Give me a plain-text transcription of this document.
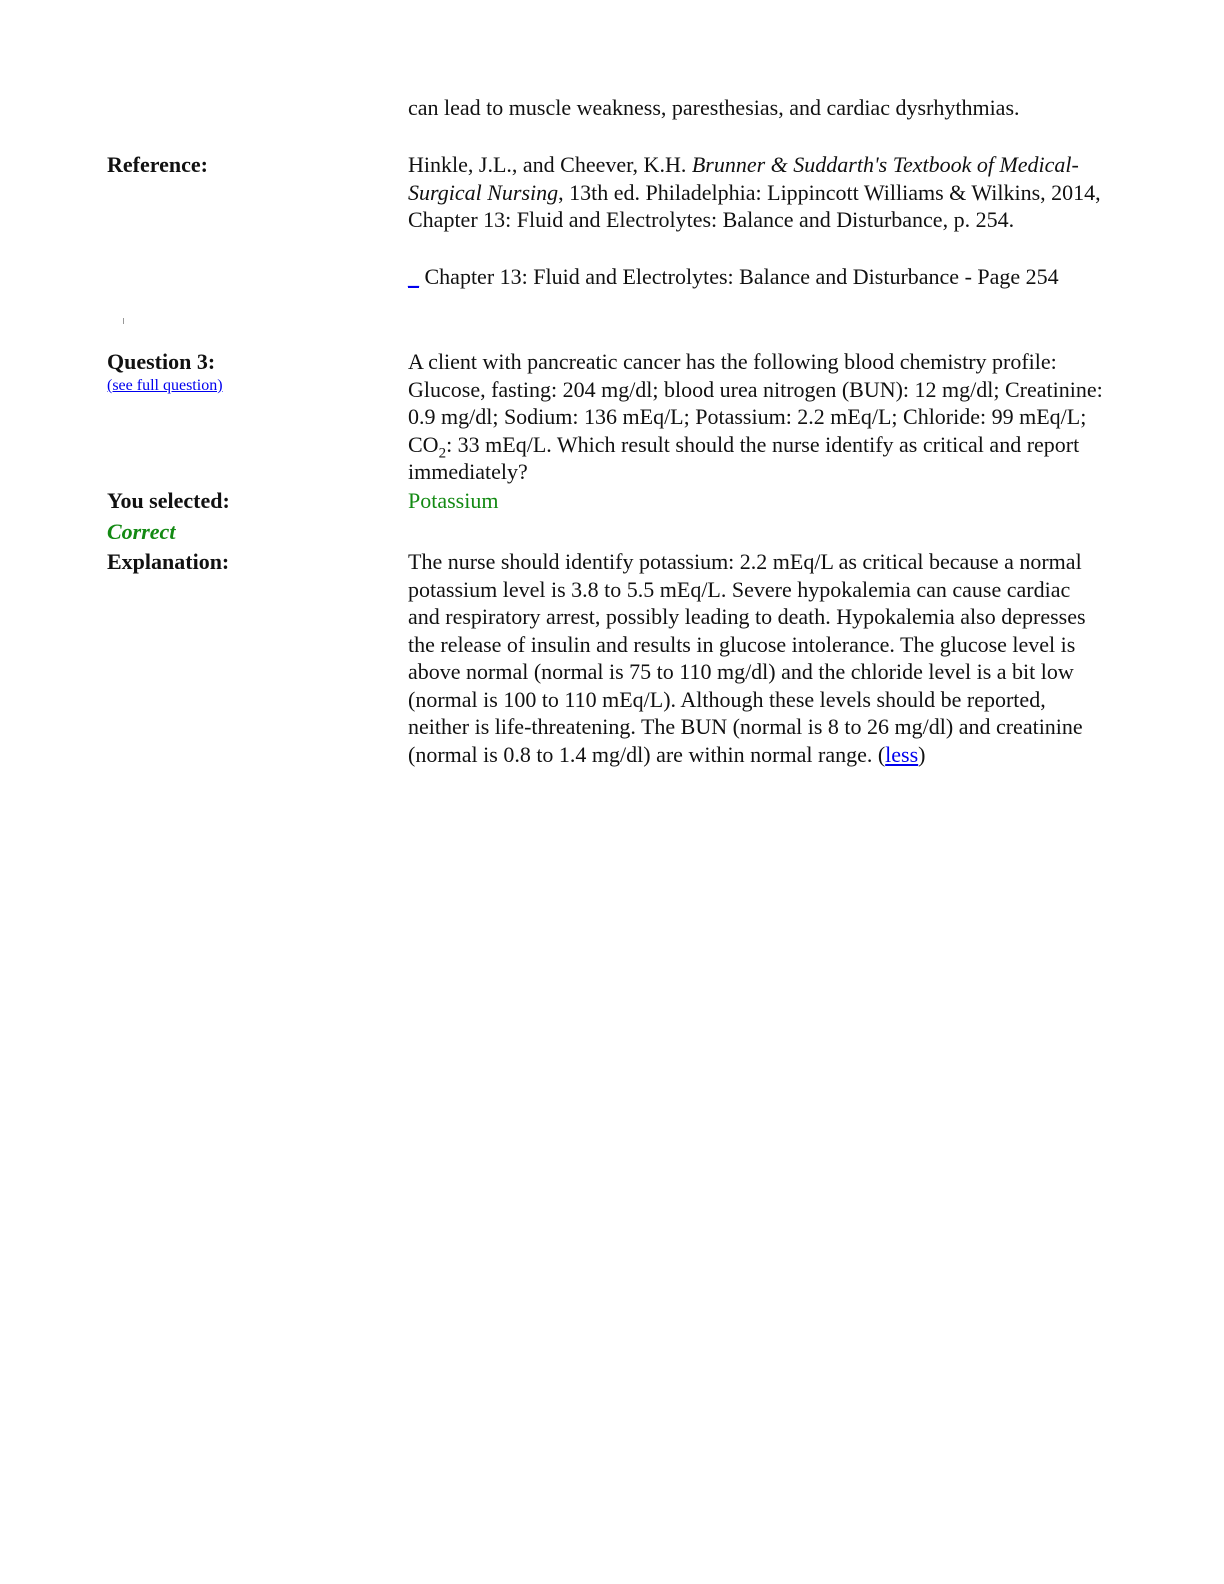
can lead to muscle weakness, paresthesias, and cardiac dysrhythmias.

Reference:	Hinkle, J.L., and Cheever, K.H. Brunner & Suddarth's Textbook of Medical-Surgical Nursing, 13th ed. Philadelphia: Lippincott Williams & Wilkins, 2014, Chapter 13: Fluid and Electrolytes: Balance and Disturbance, p. 254.
_ Chapter 13: Fluid and Electrolytes: Balance and Disturbance - Page 254
Question 3:
(see full question)
A client with pancreatic cancer has the following blood chemistry profile: Glucose, fasting: 204 mg/dl; blood urea nitrogen (BUN): 12 mg/dl; Creatinine: 0.9 mg/dl; Sodium: 136 mEq/L; Potassium: 2.2 mEq/L; Chloride: 99 mEq/L; $CO_2$: 33 mEq/L. Which result should the nurse identify as critical and report immediately?
You selected:	Potassium
Correct
Explanation:	The nurse should identify potassium: 2.2 mEq/L as critical because a normal potassium level is 3.8 to 5.5 mEq/L. Severe hypokalemia can cause cardiac and respiratory arrest, possibly leading to death. Hypokalemia also depresses the release of insulin and results in glucose intolerance. The glucose level is above normal (normal is 75 to 110 mg/dl) and the chloride level is a bit low (normal is 100 to 110 mEq/L). Although these levels should be reported, neither is life-threatening. The BUN (normal is 8 to 26 mg/dl) and creatinine (normal is 0.8 to 1.4 mg/dl) are within normal range. (less)
